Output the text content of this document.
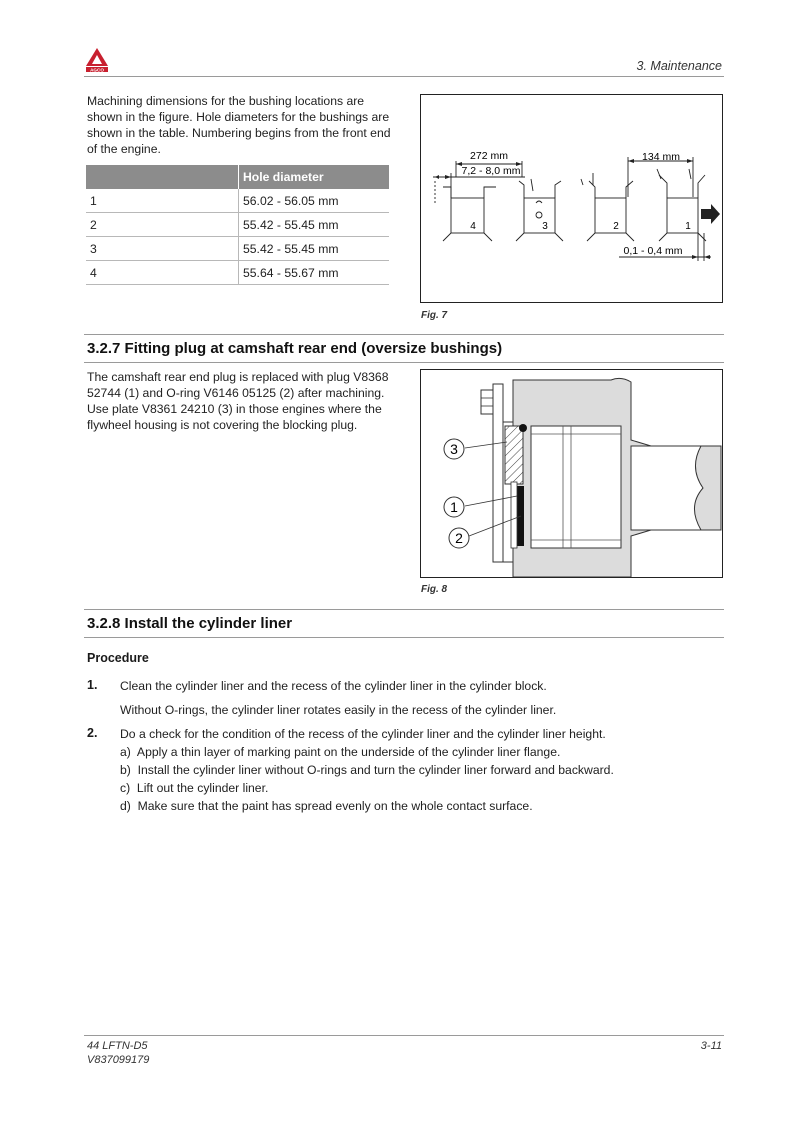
AGCO	3. Maintenance
Machining dimensions for the bushing locations are shown in the figure. Hole diameters for the bushings are shown in the table. Numbering begins from the front end of the engine.
	Hole diameter
1	56.02 - 56.05 mm
2	55.42 - 55.45 mm
3	55.42 - 55.45 mm
4	55.64 - 55.67 mm
272 mm
7,2 - 8,0 mm
134 mm
0,1 - 0,4 mm
4	3	2	1
Fig. 7
3.2.7 Fitting plug at camshaft rear end (oversize bushings)
The camshaft rear end plug is replaced with plug V8368 52744 (1) and O-ring V6146 05125 (2) after machining. Use plate V8361 24210 (3) in those engines where the flywheel housing is not covering the blocking plug.
3
1
2
Fig. 8
3.2.8 Install the cylinder liner
Procedure
1. Clean the cylinder liner and the recess of the cylinder liner in the cylinder block.
Without O-rings, the cylinder liner rotates easily in the recess of the cylinder liner.
2. Do a check for the condition of the recess of the cylinder liner and the cylinder liner height.
a)  Apply a thin layer of marking paint on the underside of the cylinder liner flange.
b)  Install the cylinder liner without O-rings and turn the cylinder liner forward and backward.
c)  Lift out the cylinder liner.
d)  Make sure that the paint has spread evenly on the whole contact surface.
44 LFTN-D5
V837099179
3-11
